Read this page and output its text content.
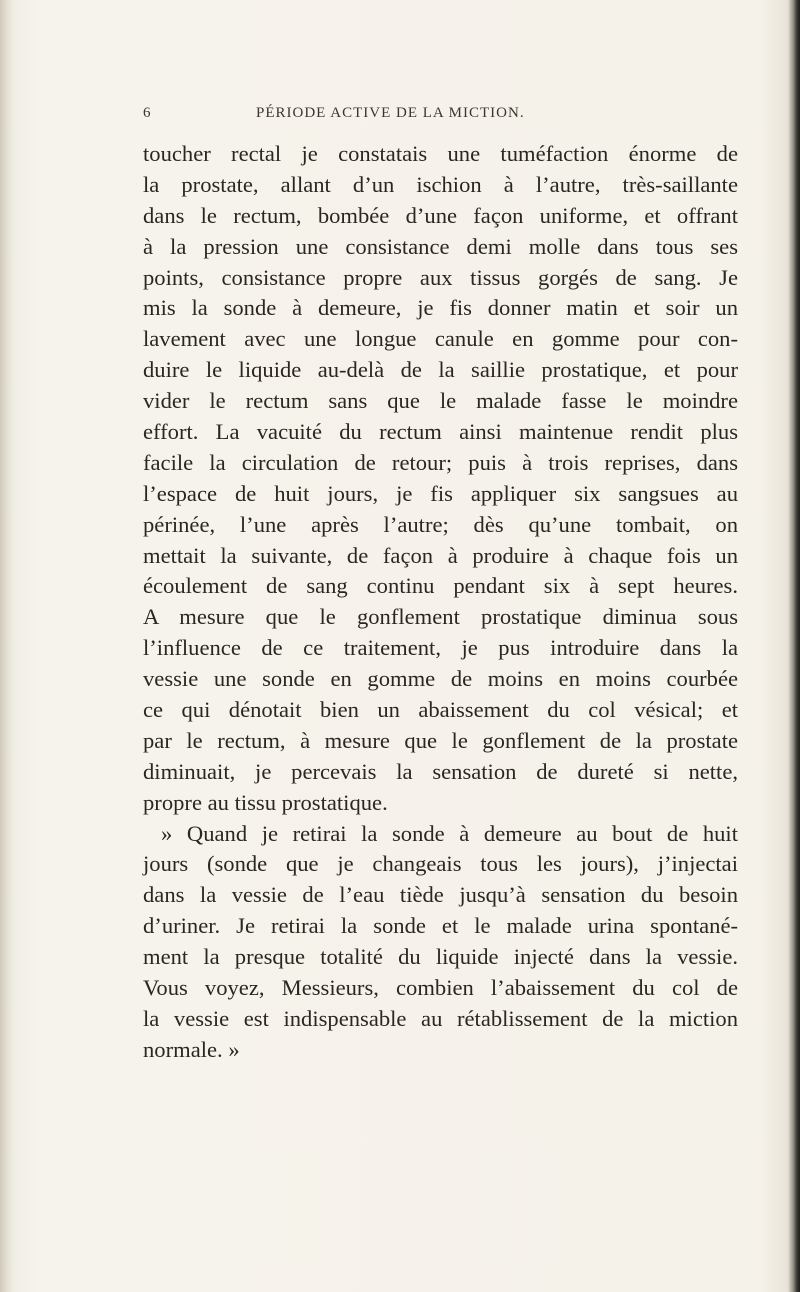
6	PÉRIODE ACTIVE DE LA MICTION.
toucher rectal je constatais une tuméfaction énorme de
la prostate, allant d’un ischion à l’autre, très-saillante
dans le rectum, bombée d’une façon uniforme, et offrant
à la pression une consistance demi molle dans tous ses
points, consistance propre aux tissus gorgés de sang. Je
mis la sonde à demeure, je fis donner matin et soir un
lavement avec une longue canule en gomme pour con-
duire le liquide au-delà de la saillie prostatique, et pour
vider le rectum sans que le malade fasse le moindre
effort. La vacuité du rectum ainsi maintenue rendit plus
facile la circulation de retour; puis à trois reprises, dans
l’espace de huit jours, je fis appliquer six sangsues au
périnée, l’une après l’autre; dès qu’une tombait, on
mettait la suivante, de façon à produire à chaque fois un
écoulement de sang continu pendant six à sept heures.
A mesure que le gonflement prostatique diminua sous
l’influence de ce traitement, je pus introduire dans la
vessie une sonde en gomme de moins en moins courbée
ce qui dénotait bien un abaissement du col vésical; et
par le rectum, à mesure que le gonflement de la prostate
diminuait, je percevais la sensation de dureté si nette,
propre au tissu prostatique.
» Quand je retirai la sonde à demeure au bout de huit
jours (sonde que je changeais tous les jours), j’injectai
dans la vessie de l’eau tiède jusqu’à sensation du besoin
d’uriner. Je retirai la sonde et le malade urina spontané-
ment la presque totalité du liquide injecté dans la vessie.
Vous voyez, Messieurs, combien l’abaissement du col de
la vessie est indispensable au rétablissement de la miction
normale. »
